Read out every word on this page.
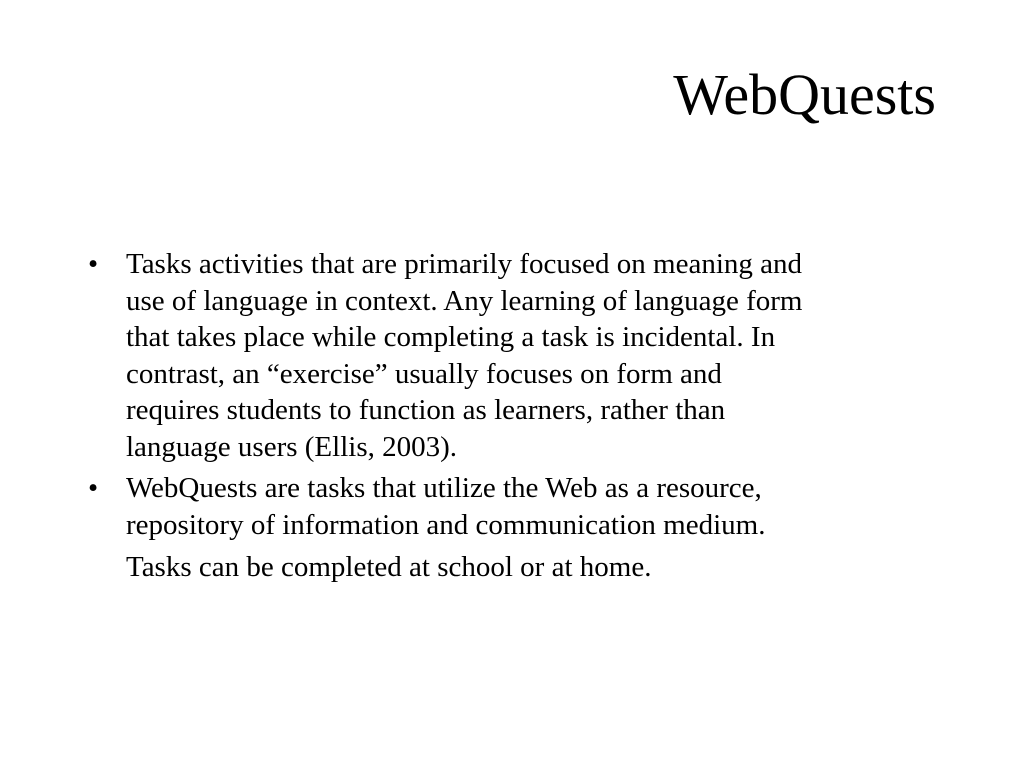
WebQuests
• Tasks activities that are primarily focused on meaning and
use of language in context. Any learning of language form
that takes place while completing a task is incidental. In
contrast, an “exercise” usually focuses on form and
requires students to function as learners, rather than
language users (Ellis, 2003).
• WebQuests are tasks that utilize the Web as a resource,
repository of information and communication medium.
Tasks can be completed at school or at home.
